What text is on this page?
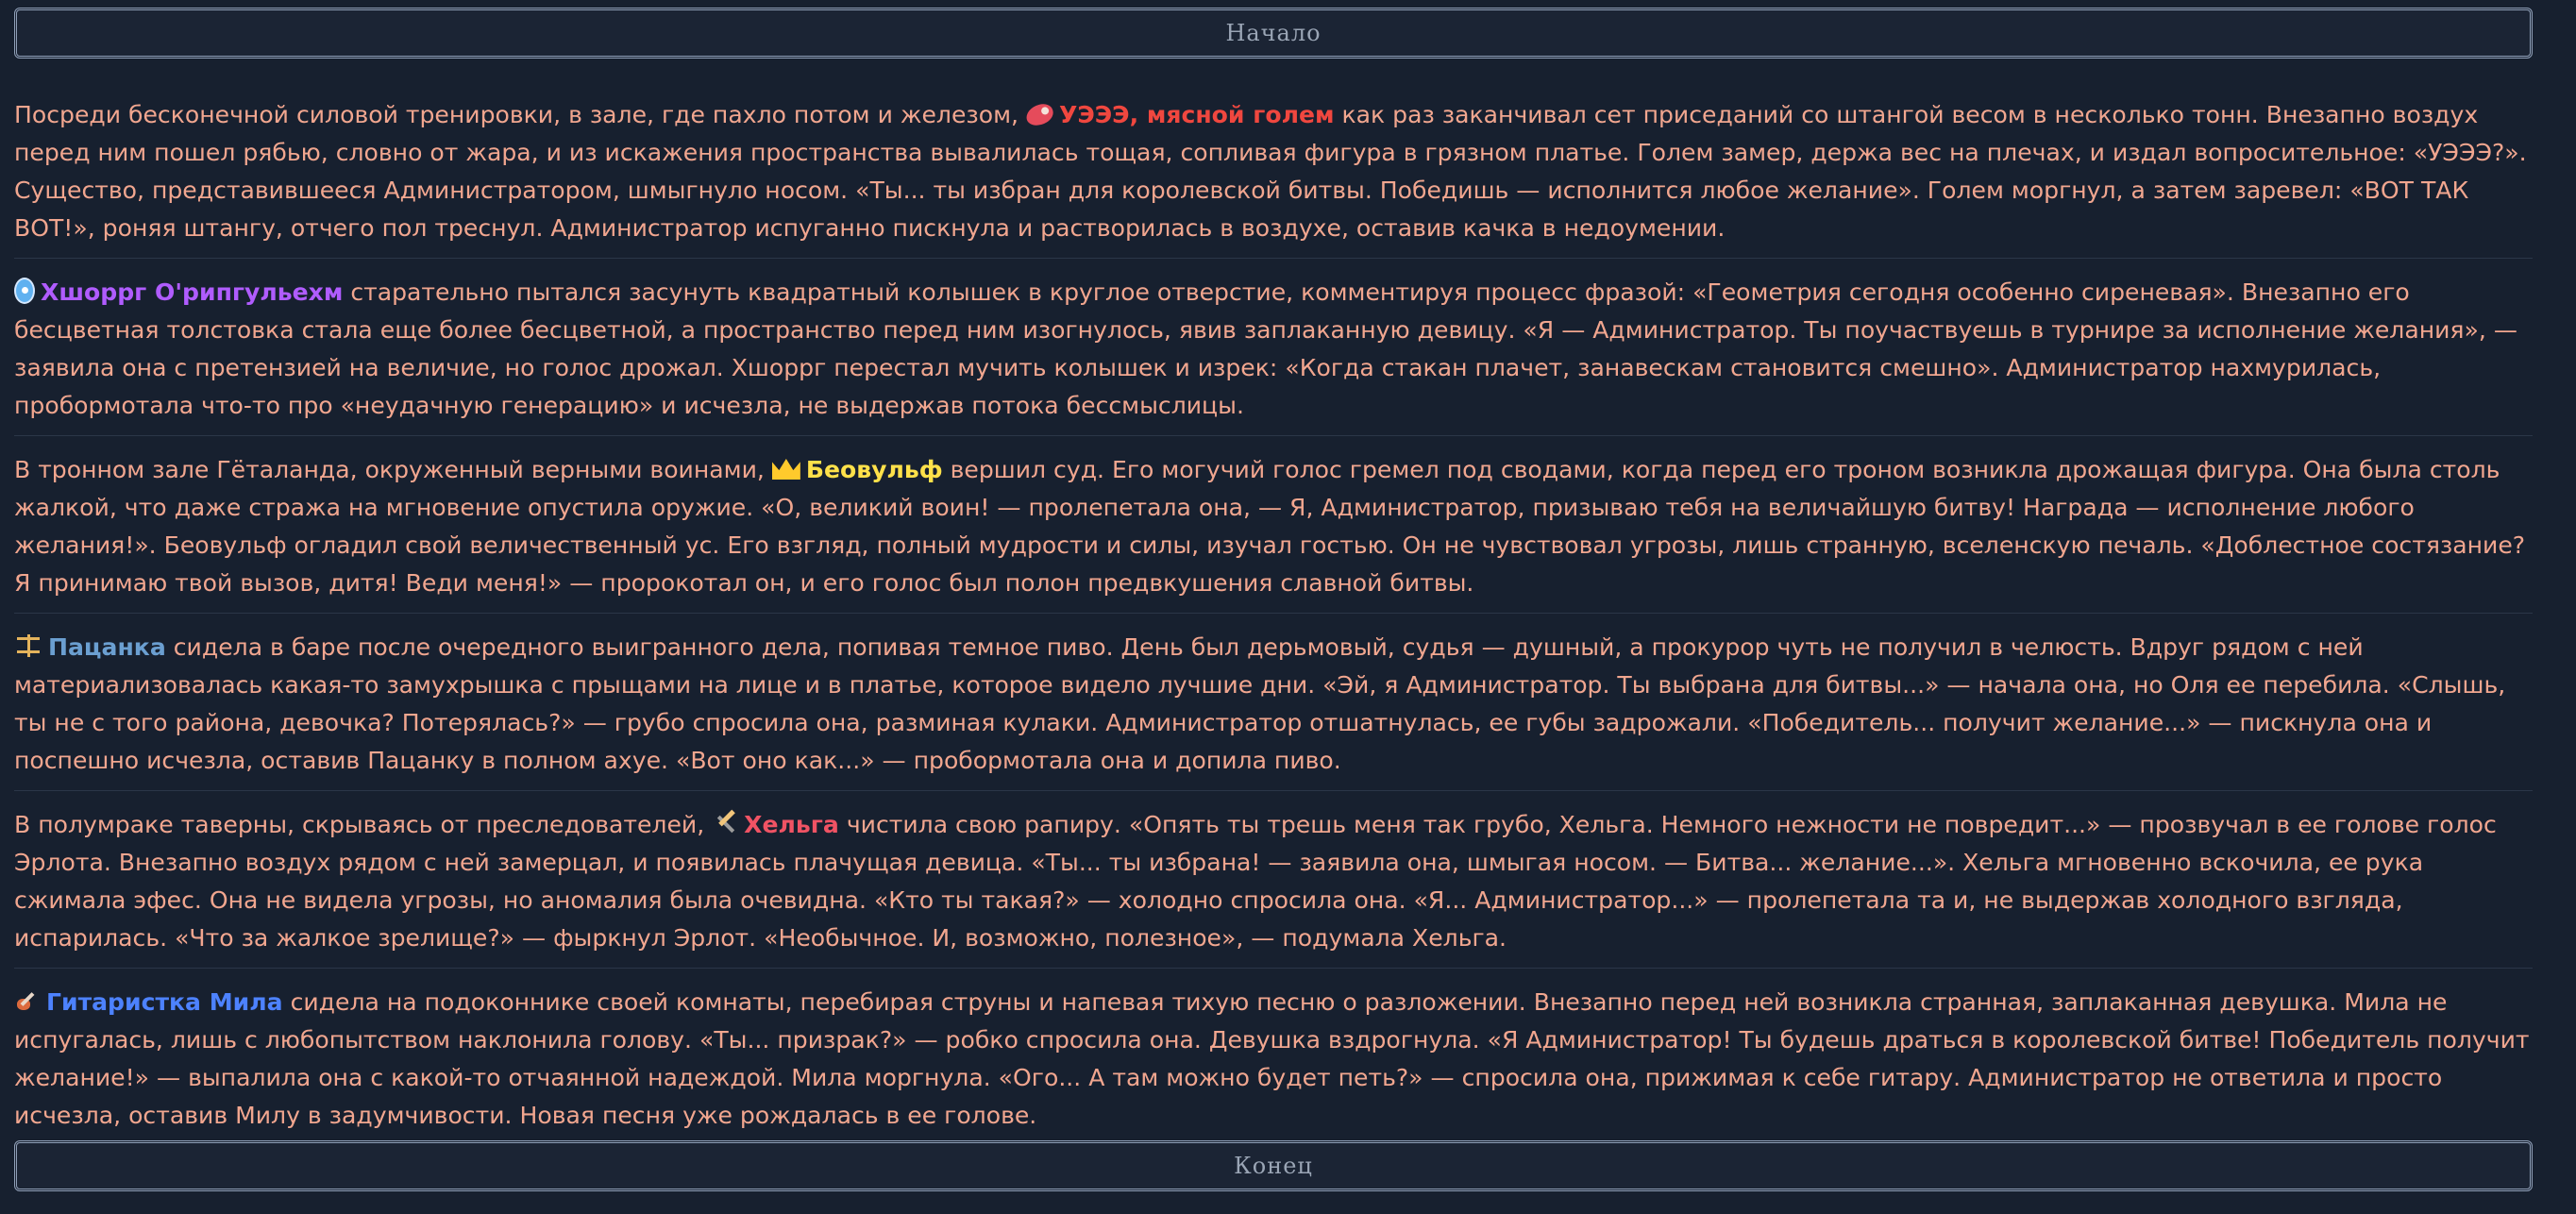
Начало
Посреди бесконечной силовой тренировки, в зале, где пахло потом и железом, УЭЭЭ, мясной голем как раз заканчивал сет приседаний со штангой весом в несколько тонн. Внезапно воздух перед ним пошел рябью, словно от жара, и из искажения пространства вывалилась тощая, сопливая фигура в грязном платье. Голем замер, держа вес на плечах, и издал вопросительное: «УЭЭЭ?». Существо, представившееся Администратором, шмыгнуло носом. «Ты... ты избран для королевской битвы. Победишь — исполнится любое желание». Голем моргнул, а затем заревел: «ВОТ ТАК ВОТ!», роняя штангу, отчего пол треснул. Администратор испуганно пискнула и растворилась в воздухе, оставив качка в недоумении.
Хшоррг О'рипгульехм старательно пытался засунуть квадратный колышек в круглое отверстие, комментируя процесс фразой: «Геометрия сегодня особенно сиреневая». Внезапно его бесцветная толстовка стала еще более бесцветной, а пространство перед ним изогнулось, явив заплаканную девицу. «Я — Администратор. Ты поучаствуешь в турнире за исполнение желания», — заявила она с претензией на величие, но голос дрожал. Хшоррг перестал мучить колышек и изрек: «Когда стакан плачет, занавескам становится смешно». Администратор нахмурилась, пробормотала что-то про «неудачную генерацию» и исчезла, не выдержав потока бессмыслицы.
В тронном зале Гёталанда, окруженный верными воинами, Беовульф вершил суд. Его могучий голос гремел под сводами, когда перед его троном возникла дрожащая фигура. Она была столь жалкой, что даже стража на мгновение опустила оружие. «О, великий воин! — пролепетала она, — Я, Администратор, призываю тебя на величайшую битву! Награда — исполнение любого желания!». Беовульф огладил свой величественный ус. Его взгляд, полный мудрости и силы, изучал гостью. Он не чувствовал угрозы, лишь странную, вселенскую печаль. «Доблестное состязание? Я принимаю твой вызов, дитя! Веди меня!» — пророкотал он, и его голос был полон предвкушения славной битвы.
Пацанка сидела в баре после очередного выигранного дела, попивая темное пиво. День был дерьмовый, судья — душный, а прокурор чуть не получил в челюсть. Вдруг рядом с ней материализовалась какая-то замухрышка с прыщами на лице и в платье, которое видело лучшие дни. «Эй, я Администратор. Ты выбрана для битвы...» — начала она, но Оля ее перебила. «Слышь, ты не с того района, девочка? Потерялась?» — грубо спросила она, разминая кулаки. Администратор отшатнулась, ее губы задрожали. «Победитель... получит желание...» — пискнула она и поспешно исчезла, оставив Пацанку в полном ахуе. «Вот оно как...» — пробормотала она и допила пиво.
В полумраке таверны, скрываясь от преследователей, Хельга чистила свою рапиру. «Опять ты трешь меня так грубо, Хельга. Немного нежности не повредит...» — прозвучал в ее голове голос Эрлота. Внезапно воздух рядом с ней замерцал, и появилась плачущая девица. «Ты... ты избрана! — заявила она, шмыгая носом. — Битва... желание...». Хельга мгновенно вскочила, ее рука сжимала эфес. Она не видела угрозы, но аномалия была очевидна. «Кто ты такая?» — холодно спросила она. «Я... Администратор...» — пролепетала та и, не выдержав холодного взгляда, испарилась. «Что за жалкое зрелище?» — фыркнул Эрлот. «Необычное. И, возможно, полезное», — подумала Хельга.
Гитаристка Мила сидела на подоконнике своей комнаты, перебирая струны и напевая тихую песню о разложении. Внезапно перед ней возникла странная, заплаканная девушка. Мила не испугалась, лишь с любопытством наклонила голову. «Ты... призрак?» — робко спросила она. Девушка вздрогнула. «Я Администратор! Ты будешь драться в королевской битве! Победитель получит желание!» — выпалила она с какой-то отчаянной надеждой. Мила моргнула. «Ого... А там можно будет петь?» — спросила она, прижимая к себе гитару. Администратор не ответила и просто исчезла, оставив Милу в задумчивости. Новая песня уже рождалась в ее голове.
Конец
